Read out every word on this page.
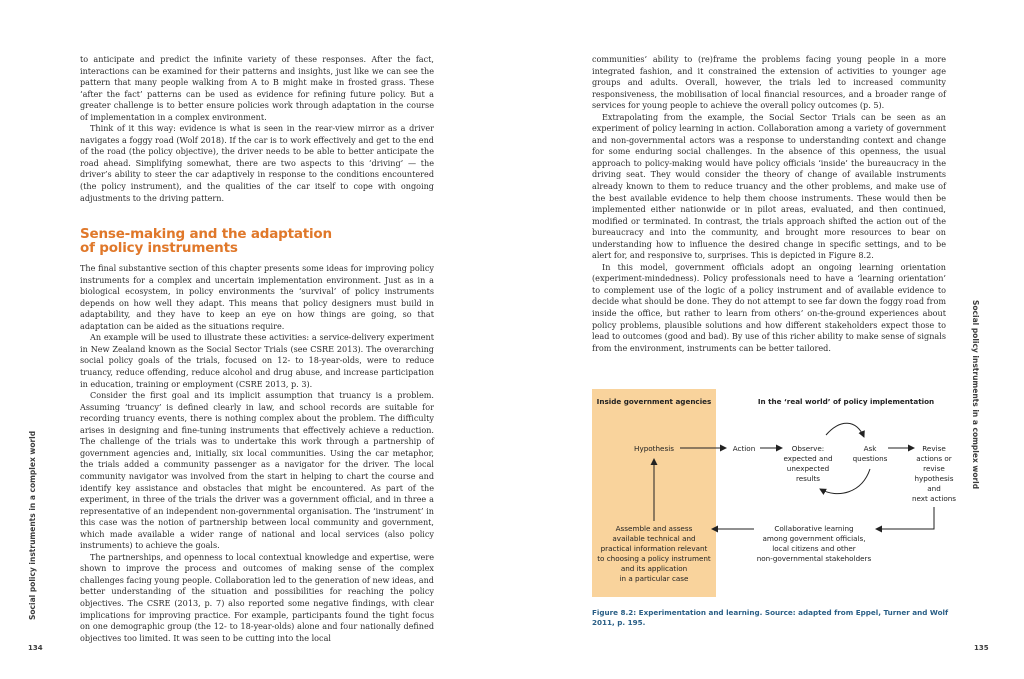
Social policy instruments in a complex world

to anticipate and predict the infinite variety of these responses. After the fact, interactions can be examined for their patterns and insights, just like we can see the pattern that many people walking from A to B might make in frosted grass. These ‘after the fact’ patterns can be used as evidence for refining future policy. But a greater challenge is to better ensure policies work through adaptation in the course of implementation in a complex environment.

Think of it this way: evidence is what is seen in the rear-view mirror as a driver navigates a foggy road (Wolf 2018). If the car is to work effectively and get to the end of the road (the policy objective), the driver needs to be able to better anticipate the road ahead. Simplifying somewhat, there are two aspects to this ‘driving’ — the driver’s ability to steer the car adaptively in response to the conditions encountered (the policy instrument), and the qualities of the car itself to cope with ongoing adjustments to the driving pattern.

Sense-making and the adaptation
of policy instruments

The final substantive section of this chapter presents some ideas for improving policy instruments for a complex and uncertain implementation environment. Just as in a biological ecosystem, in policy environments the ‘survival’ of policy instruments depends on how well they adapt. This means that policy designers must build in adaptability, and they have to keep an eye on how things are going, so that adaptation can be aided as the situations require.

An example will be used to illustrate these activities: a service-delivery experiment in New Zealand known as the Social Sector Trials (see CSRE 2013). The overarching social policy goals of the trials, focused on 12- to 18-year-olds, were to reduce truancy, reduce offending, reduce alcohol and drug abuse, and increase participation in education, training or employment (CSRE 2013, p. 3).

Consider the first goal and its implicit assumption that truancy is a problem. Assuming ‘truancy’ is defined clearly in law, and school records are suitable for recording truancy events, there is nothing complex about the problem. The difficulty arises in designing and fine-tuning instruments that effectively achieve a reduction. The challenge of the trials was to undertake this work through a partnership of government agencies and, initially, six local communities. Using the car metaphor, the trials added a community passenger as a navigator for the driver. The local community navigator was involved from the start in helping to chart the course and identify key assistance and obstacles that might be encountered. As part of the experiment, in three of the trials the driver was a government official, and in three a representative of an independent non-governmental organisation. The ‘instrument’ in this case was the notion of partnership between local community and government, which made available a wider range of national and local services (also policy instruments) to achieve the goals.

The partnerships, and openness to local contextual knowledge and expertise, were shown to improve the process and outcomes of making sense of the complex challenges facing young people. Collaboration led to the generation of new ideas, and better understanding of the situation and possibilities for reaching the policy objectives. The CSRE (2013, p. 7) also reported some negative findings, with clear implications for improving practice. For example, participants found the tight focus on one demographic group (the 12- to 18-year-olds) alone and four nationally defined objectives too limited. It was seen to be cutting into the local

134

communities’ ability to (re)frame the problems facing young people in a more integrated fashion, and it constrained the extension of activities to younger age groups and adults. Overall, however, the trials led to increased community responsiveness, the mobilisation of local financial resources, and a broader range of services for young people to achieve the overall policy outcomes (p. 5).

Extrapolating from the example, the Social Sector Trials can be seen as an experiment of policy learning in action. Collaboration among a variety of government and non-governmental actors was a response to understanding context and change for some enduring social challenges. In the absence of this openness, the usual approach to policy-making would have policy officials ‘inside’ the bureaucracy in the driving seat. They would consider the theory of change of available instruments already known to them to reduce truancy and the other problems, and make use of the best available evidence to help them choose instruments. These would then be implemented either nationwide or in pilot areas, evaluated, and then continued, modified or terminated. In contrast, the trials approach shifted the action out of the bureaucracy and into the community, and brought more resources to bear on understanding how to influence the desired change in specific settings, and to be alert for, and responsive to, surprises. This is depicted in Figure 8.2.

In this model, government officials adopt an ongoing learning orientation (experiment-mindedness). Policy professionals need to have a ‘learning orientation’ to complement use of the logic of a policy instrument and of available evidence to decide what should be done. They do not attempt to see far down the foggy road from inside the office, but rather to learn from others’ on-the-ground experiences about policy problems, plausible solutions and how different stakeholders expect those to lead to outcomes (good and bad). By use of this richer ability to make sense of signals from the environment, instruments can be better tailored.

135
Social policy instruments in a complex world
Inside government agencies	In the ‘real world’ of policy implementation
Hypothesis	Action	Observe:
expected and
unexpected
results
Ask
questions
Revise
actions or
revise
hypothesis
and
next actions
Assemble and assess
available technical and
practical information relevant
to choosing a policy instrument
and its application
in a particular case
Collaborative learning
among government officials,
local citizens and other
non-governmental stakeholders
Figure 8.2: Experimentation and learning. Source: adapted from Eppel, Turner and Wolf
2011, p. 195.
